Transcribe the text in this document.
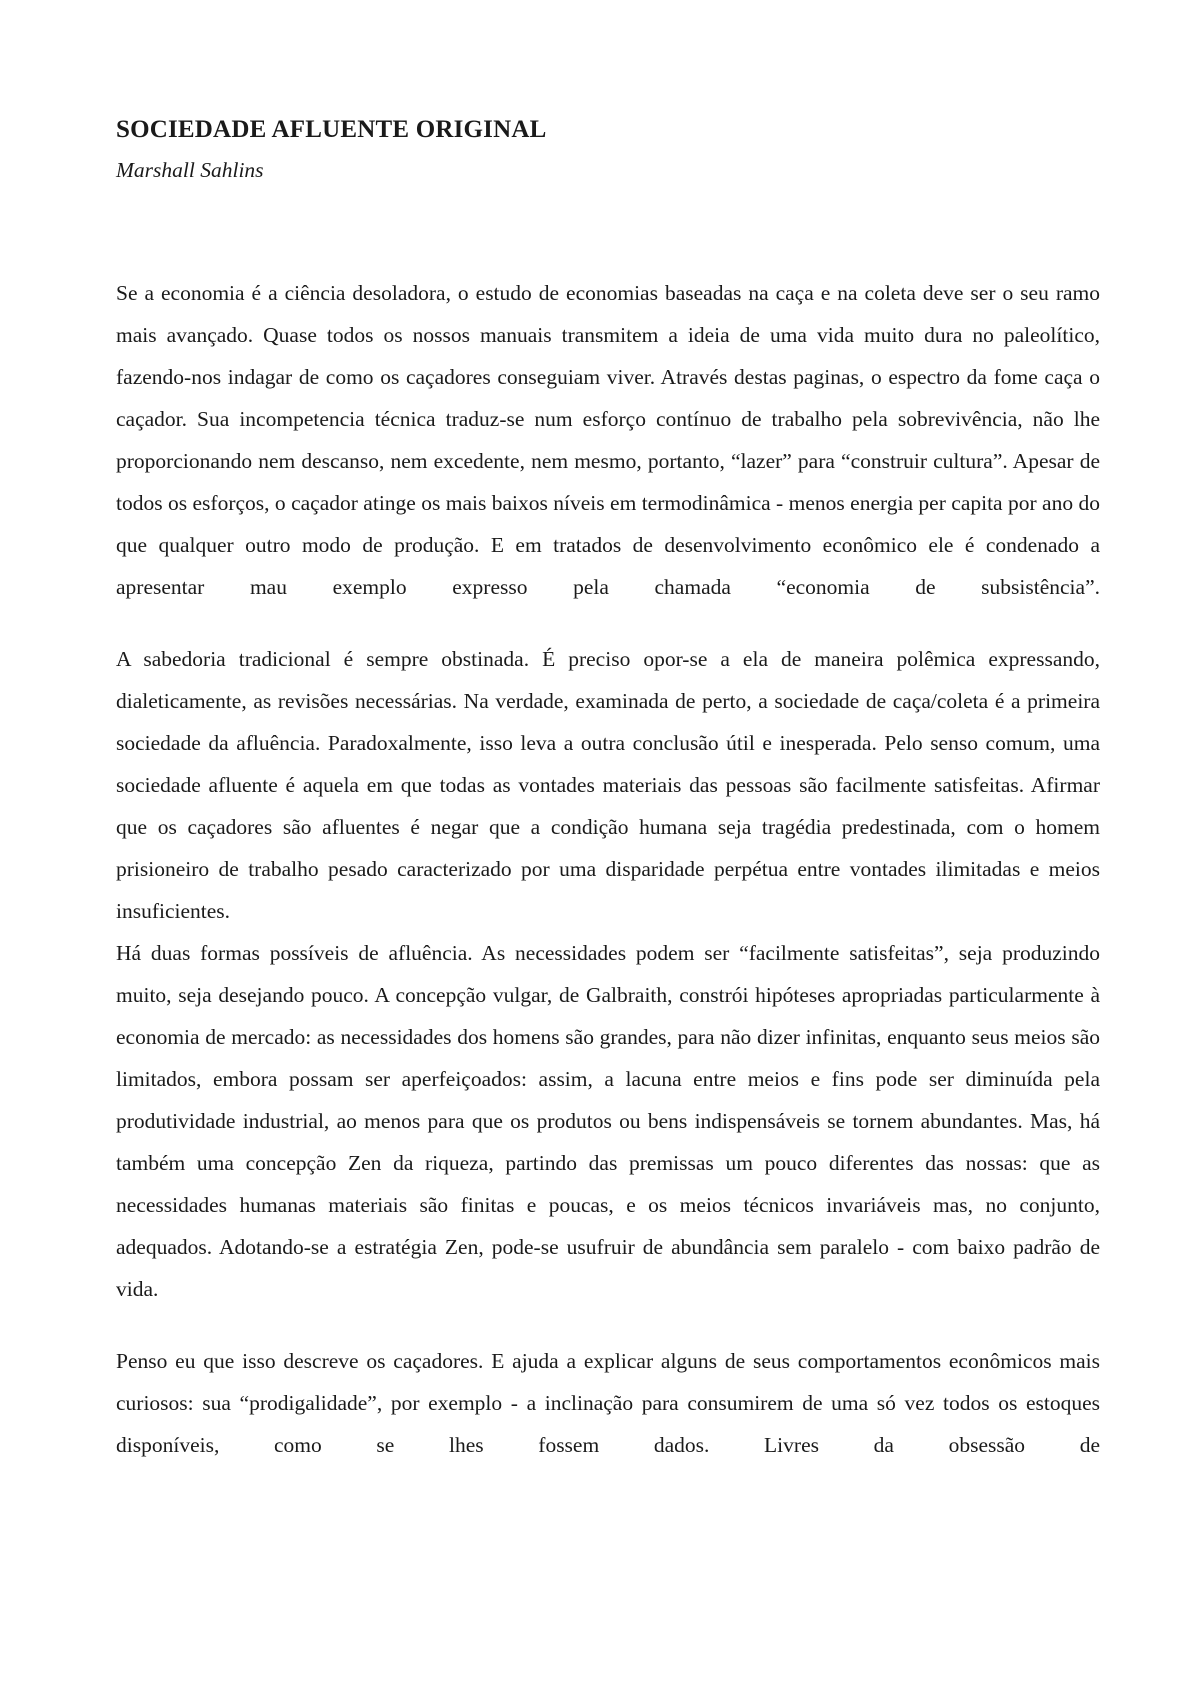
SOCIEDADE AFLUENTE ORIGINAL
Marshall Sahlins

Se a economia é a ciência desoladora, o estudo de economias baseadas na caça e na coleta deve ser o seu ramo mais avançado. Quase todos os nossos manuais transmitem a ideia de uma vida muito dura no paleolítico, fazendo-nos indagar de como os caçadores conseguiam viver. Através destas paginas, o espectro da fome caça o caçador. Sua incompetencia técnica traduz-se num esforço contínuo de trabalho pela sobrevivência, não lhe proporcionando nem descanso, nem excedente, nem mesmo, portanto, “lazer” para “construir cultura”. Apesar de todos os esforços, o caçador atinge os mais baixos níveis em termodinâmica - menos energia per capita por ano do que qualquer outro modo de produção. E em tratados de desenvolvimento econômico ele é condenado a apresentar mau exemplo expresso pela chamada “economia de subsistência”.

A sabedoria tradicional é sempre obstinada. É preciso opor-se a ela de maneira polêmica expressando, dialeticamente, as revisões necessárias. Na verdade, examinada de perto, a sociedade de caça/coleta é a primeira sociedade da afluência. Paradoxalmente, isso leva a outra conclusão útil e inesperada. Pelo senso comum, uma sociedade afluente é aquela em que todas as vontades materiais das pessoas são facilmente satisfeitas. Afirmar que os caçadores são afluentes é negar que a condição humana seja tragédia predestinada, com o homem prisioneiro de trabalho pesado caracterizado por uma disparidade perpétua entre vontades ilimitadas e meios insuficientes.

Há duas formas possíveis de afluência. As necessidades podem ser “facilmente satisfeitas”, seja produzindo muito, seja desejando pouco. A concepção vulgar, de Galbraith, constrói hipóteses apropriadas particularmente à economia de mercado: as necessidades dos homens são grandes, para não dizer infinitas, enquanto seus meios são limitados, embora possam ser aperfeiçoados: assim, a lacuna entre meios e fins pode ser diminuída pela produtividade industrial, ao menos para que os produtos ou bens indispensáveis se tornem abundantes. Mas, há também uma concepção Zen da riqueza, partindo das premissas um pouco diferentes das nossas: que as necessidades humanas materiais são finitas e poucas, e os meios técnicos invariáveis mas, no conjunto, adequados. Adotando-se a estratégia Zen, pode-se usufruir de abundância sem paralelo - com baixo padrão de vida.

Penso eu que isso descreve os caçadores. E ajuda a explicar alguns de seus comportamentos econômicos mais curiosos: sua “prodigalidade”, por exemplo - a inclinação para consumirem de uma só vez todos os estoques disponíveis, como se lhes fossem dados. Livres da obsessão de
